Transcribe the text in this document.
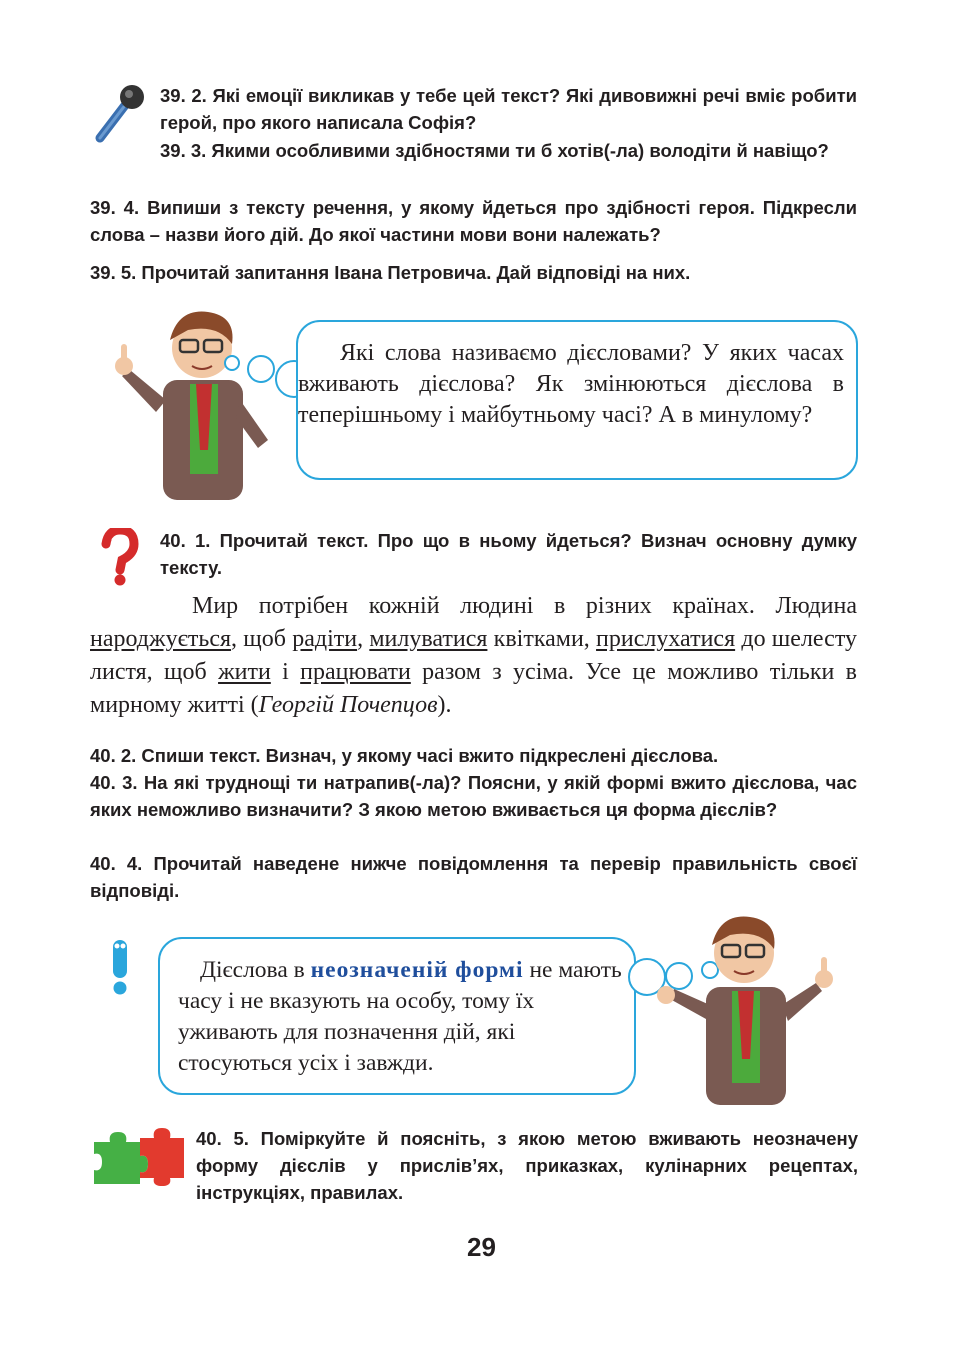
39. 2. Які емоції викликав у тебе цей текст? Які дивовижні речі вміє робити герой, про якого написала Софія?
39. 3. Якими особливими здібностями ти б хотів(-ла) володіти й навіщо?
39. 4. Випиши з тексту речення, у якому йдеться про здібності героя. Підкресли слова – назви його дій. До якої частини мови вони належать?
39. 5. Прочитай запитання Івана Петровича. Дай відповіді на них.
Які слова називаємо дієсловами? У яких часах вживають дієслова? Як змінюються дієслова в теперішньому і майбутньому часі? А в минулому?
40. 1. Прочитай текст. Про що в ньому йдеться? Визнач основну думку тексту.
Мир потрібен кожній людині в різних країнах. Людина народжується, щоб радіти, милуватися квітками, прислухатися до шелесту листя, щоб жити і працювати разом з усіма. Усе це можливо тільки в мирному житті (Георгій Почепцов).
40. 2. Спиши текст. Визнач, у якому часі вжито підкреслені дієслова.
40. 3. На які труднощі ти натрапив(-ла)? Поясни, у якій формі вжито дієслова, час яких неможливо визначити? З якою метою вживається ця форма дієслів?
40. 4. Прочитай наведене нижче повідомлення та перевір правильність своєї відповіді.
Дієслова в неозначеній формі не мають часу і не вказують на особу, тому їх уживають для позначення дій, які стосуються усіх і завжди.
40. 5. Поміркуйте й поясніть, з якою метою вживають неозначену форму дієслів у прислів’ях, приказках, кулінарних рецептах, інструкціях, правилах.
29
